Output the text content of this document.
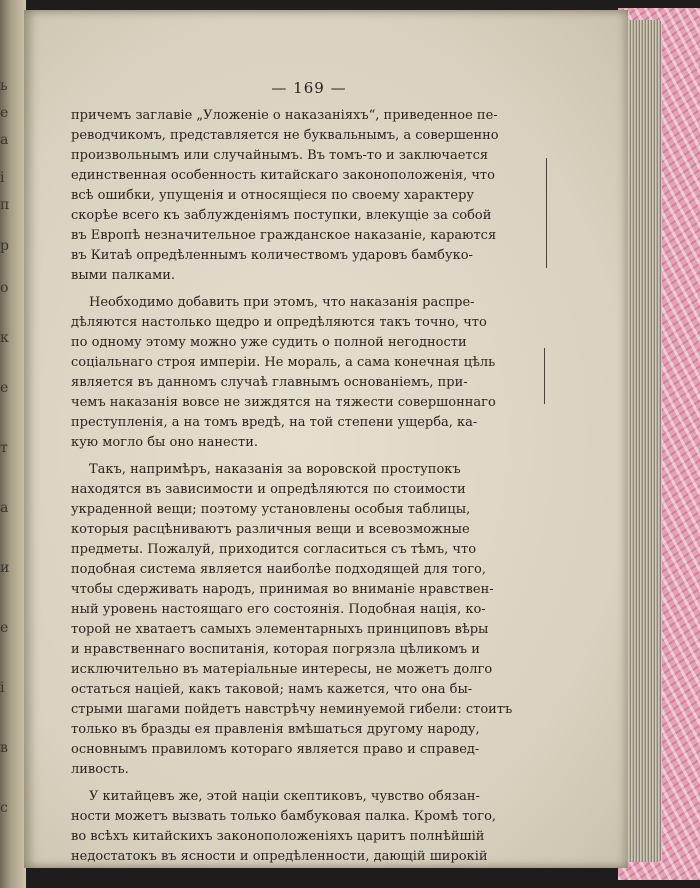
ь
е
а
і
п
р
о
к
е
т
а
и
е
і
в
с
— 169 —
причемъ заглавіе „Уложеніе о наказаніяхъ“, приведенное пе-
реводчикомъ, представляется не буквальнымъ, а совершенно
произвольнымъ или случайнымъ. Въ томъ-то и заключается
единственная особенность китайскаго законоположенія, что
всѣ ошибки, упущенія и относящіеся по своему характеру
скорѣе всего къ заблужденіямъ поступки, влекущіе за собой
въ Европѣ незначительное гражданское наказаніе, караются
въ Китаѣ опредѣленнымъ количествомъ ударовъ бамбуко-
выми палками.
Необходимо добавить при этомъ, что наказанія распре-
дѣляются настолько щедро и опредѣляются такъ точно, что
по одному этому можно уже судить о полной негодности
соціальнаго строя имперіи. Не мораль, а сама конечная цѣль
является въ данномъ случаѣ главнымъ основаніемъ, при-
чемъ наказанія вовсе не зиждятся на тяжести совершоннаго
преступленія, а на томъ вредѣ, на той степени ущерба, ка-
кую могло бы оно нанести.
Такъ, напримѣръ, наказанія за воровской проступокъ
находятся въ зависимости и опредѣляются по стоимости
украденной вещи; поэтому установлены особыя таблицы,
которыя расцѣниваютъ различныя вещи и всевозможные
предметы. Пожалуй, приходится согласиться съ тѣмъ, что
подобная система является наиболѣе подходящей для того,
чтобы сдерживать народъ, принимая во вниманіе нравствен-
ный уровень настоящаго его состоянія. Подобная нація, ко-
торой не хватаетъ самыхъ элементарныхъ принциповъ вѣры
и нравственнаго воспитанія, которая погрязла цѣликомъ и
исключительно въ матеріальные интересы, не можетъ долго
остаться націей, какъ таковой; намъ кажется, что она бы-
стрыми шагами пойдетъ навстрѣчу неминуемой гибели: стоитъ
только въ бразды ея правленія вмѣшаться другому народу,
основнымъ правиломъ котораго является право и справед-
ливость.
У китайцевъ же, этой націи скептиковъ, чувство обязан-
ности можетъ вызвать только бамбуковая палка. Кромѣ того,
во всѣхъ китайскихъ законоположеніяхъ царитъ полнѣйшій
недостатокъ въ ясности и опредѣленности, дающій широкій
